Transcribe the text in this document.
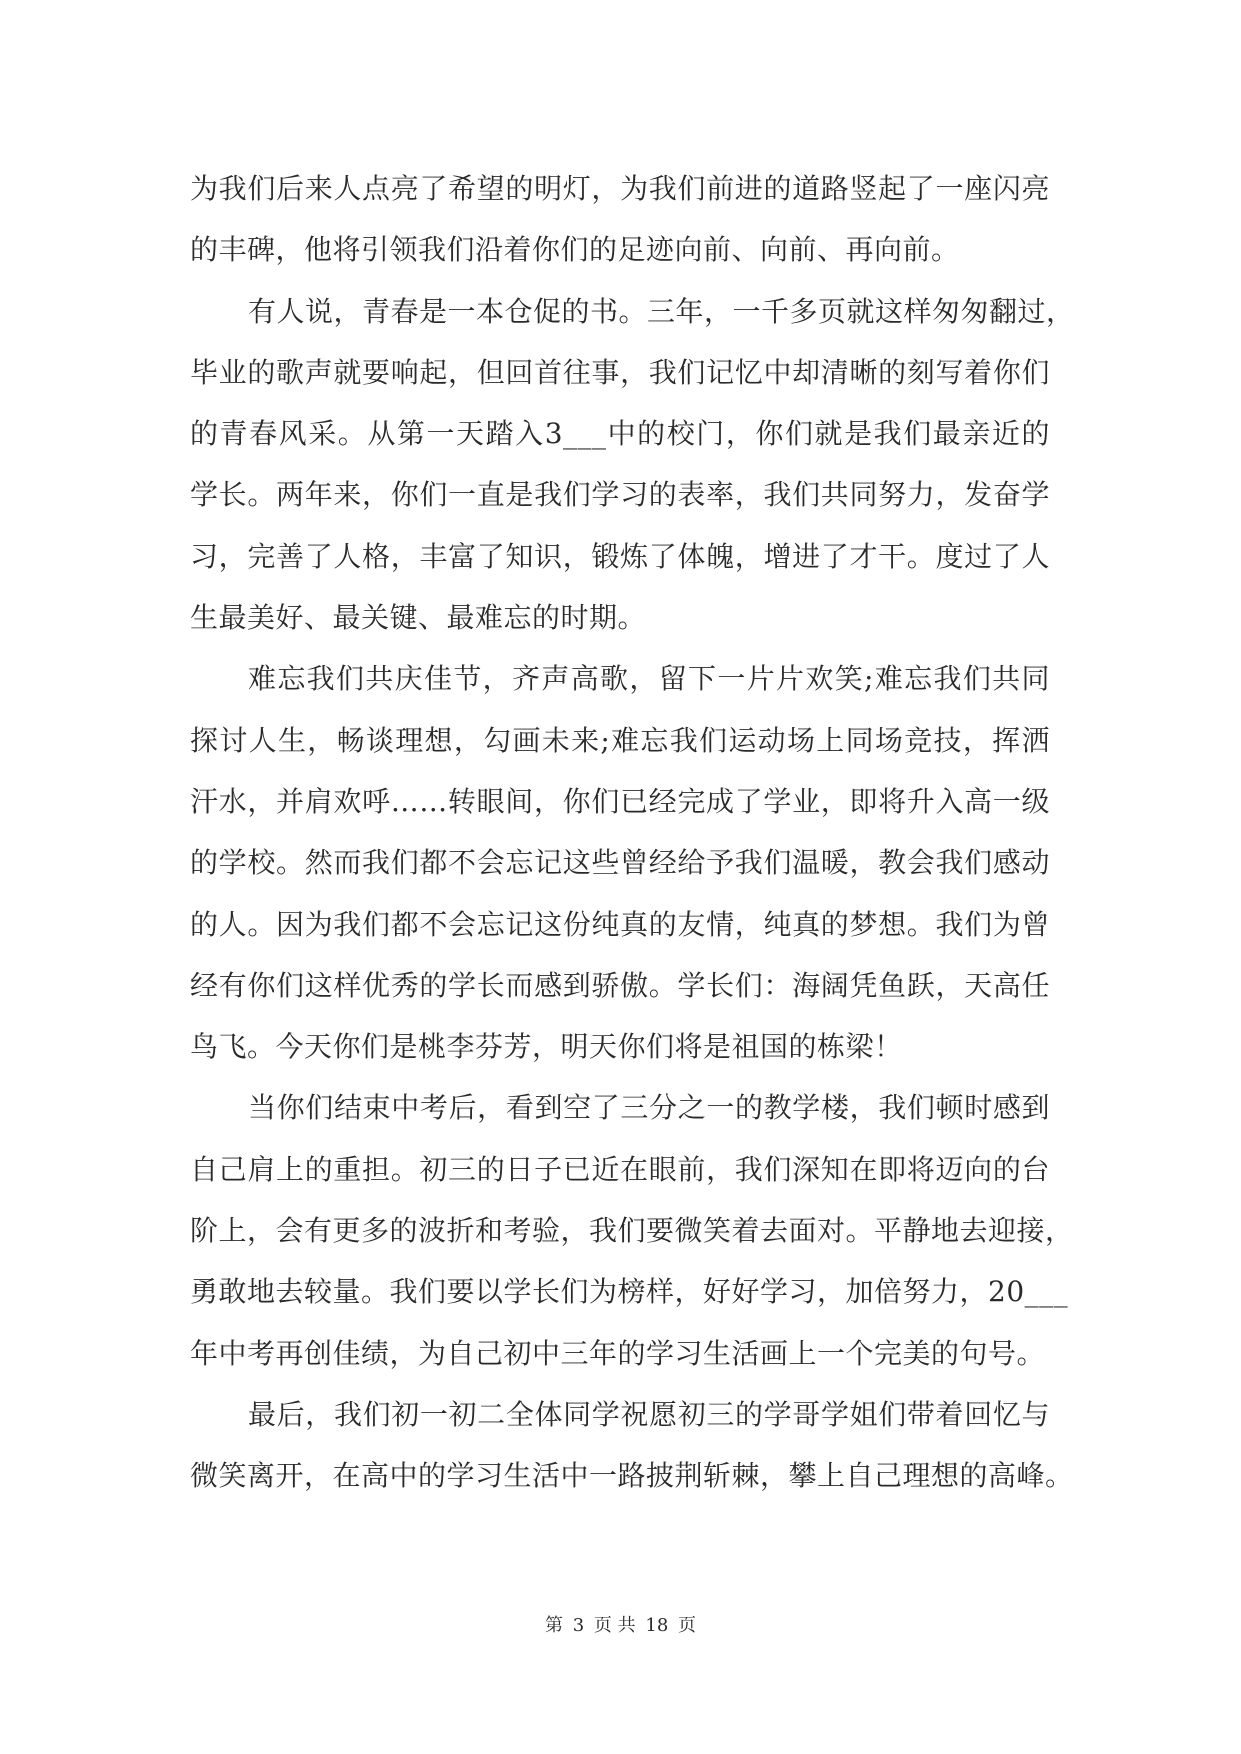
为我们后来人点亮了希望的明灯，为我们前进的道路竖起了一座闪亮
的丰碑，他将引领我们沿着你们的足迹向前、向前、再向前。
有人说，青春是一本仓促的书。三年，一千多页就这样匆匆翻过，
毕业的歌声就要响起，但回首往事，我们记忆中却清晰的刻写着你们
的青春风采。从第一天踏入3___中的校门，你们就是我们最亲近的
学长。两年来，你们一直是我们学习的表率，我们共同努力，发奋学
习，完善了人格，丰富了知识，锻炼了体魄，增进了才干。度过了人
生最美好、最关键、最难忘的时期。
难忘我们共庆佳节，齐声高歌，留下一片片欢笑;难忘我们共同
探讨人生，畅谈理想，勾画未来;难忘我们运动场上同场竞技，挥洒
汗水，并肩欢呼……转眼间，你们已经完成了学业，即将升入高一级
的学校。然而我们都不会忘记这些曾经给予我们温暖，教会我们感动
的人。因为我们都不会忘记这份纯真的友情，纯真的梦想。我们为曾
经有你们这样优秀的学长而感到骄傲。学长们：海阔凭鱼跃，天高任
鸟飞。今天你们是桃李芬芳，明天你们将是祖国的栋梁！
当你们结束中考后，看到空了三分之一的教学楼，我们顿时感到
自己肩上的重担。初三的日子已近在眼前，我们深知在即将迈向的台
阶上，会有更多的波折和考验，我们要微笑着去面对。平静地去迎接，
勇敢地去较量。我们要以学长们为榜样，好好学习，加倍努力，20___
年中考再创佳绩，为自己初中三年的学习生活画上一个完美的句号。
最后，我们初一初二全体同学祝愿初三的学哥学姐们带着回忆与
微笑离开，在高中的学习生活中一路披荆斩棘，攀上自己理想的高峰。
第 3 页 共 18 页
